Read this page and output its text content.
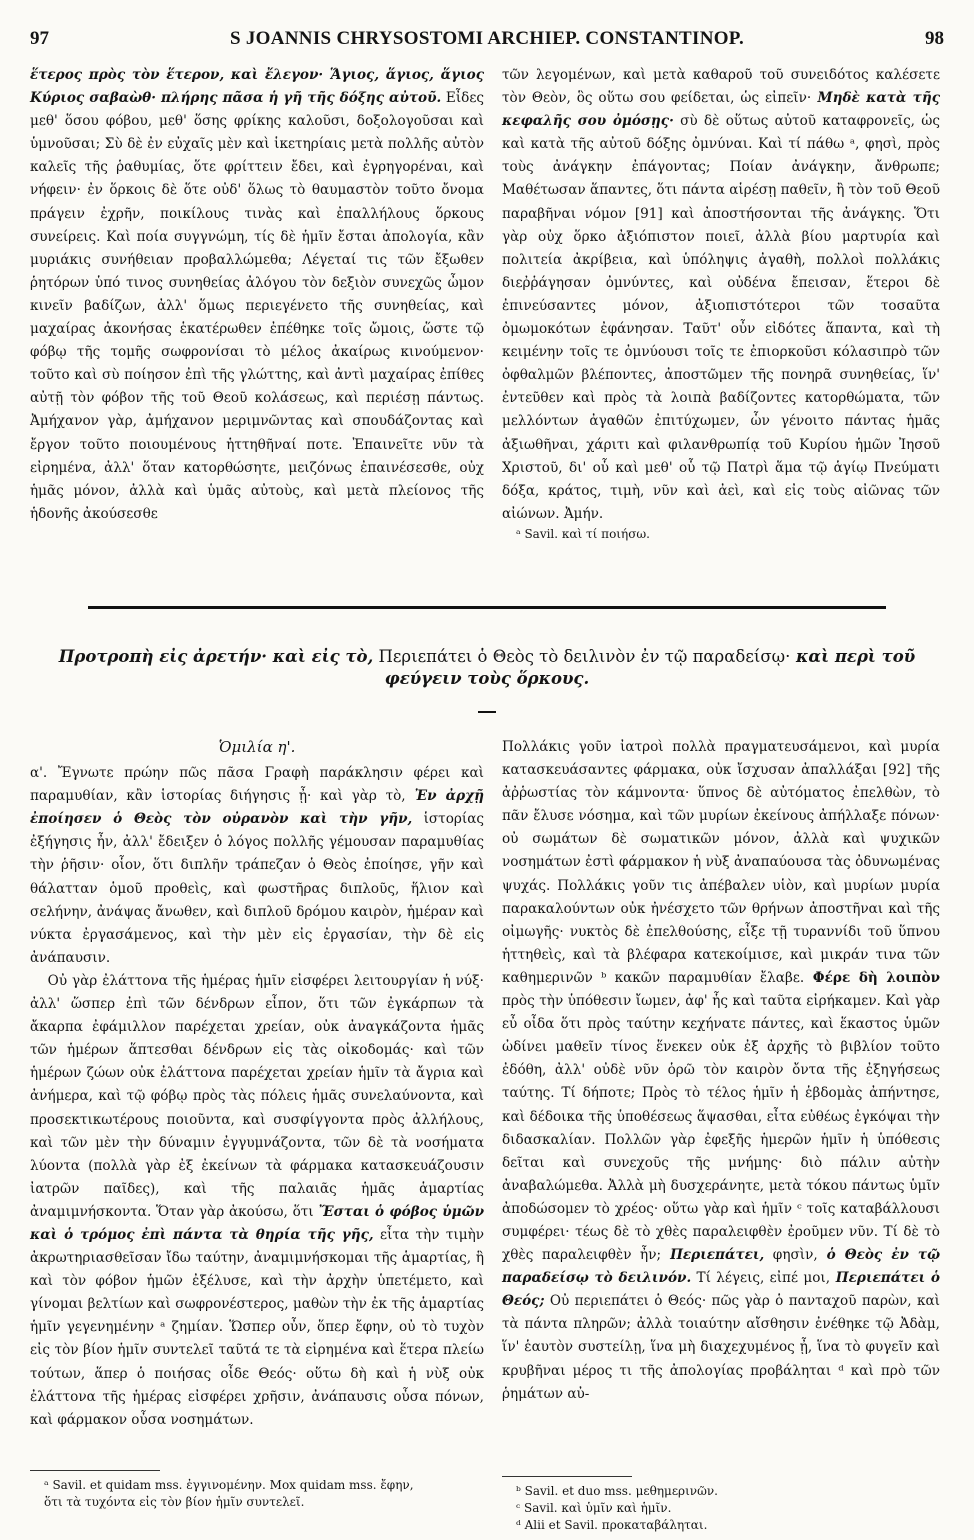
97	S JOANNIS CHRYSOSTOMI ARCHIEP. CONSTANTINOP.	98

ἕτερος πρὸς τὸν ἕτερον, καὶ ἔλεγον· Ἅγιος, ἅγιος, ἅγιος Κύριος σαβαὼθ· πλήρης πᾶσα ἡ γῆ τῆς δόξης αὐτοῦ. Εἶδες μεθ' ὅσου φόβου, μεθ' ὅσης φρίκης καλοῦσι, δοξολογοῦσαι καὶ ὑμνοῦσαι; Σὺ δὲ ἐν εὐχαῖς μὲν καὶ ἱκετηρίαις μετὰ πολλῆς αὐτὸν καλεῖς τῆς ῥαθυμίας, ὅτε φρίττειν ἔδει, καὶ ἐγρηγορέναι, καὶ νήφειν· ἐν ὅρκοις δὲ ὅτε οὐδ' ὅλως τὸ θαυμαστὸν τοῦτο ὄνομα πράγειν ἐχρῆν, ποικίλους τινὰς καὶ ἐπαλλήλους ὅρκους συνείρεις. Καὶ ποία συγγνώμη, τίς δὲ ἡμῖν ἔσται ἀπολογία, κἂν μυριάκις συνήθειαν προβαλλώμεθα; Λέγεταί τις τῶν ἔξωθεν ῥητόρων ὑπό τινος συνηθείας ἀλόγου τὸν δεξιὸν συνεχῶς ὦμον κινεῖν βαδίζων, ἀλλ' ὅμως περιεγένετο τῆς συνηθείας, καὶ μαχαίρας ἀκονήσας ἑκατέρωθεν ἐπέθηκε τοῖς ὤμοις, ὥστε τῷ φόβῳ τῆς τομῆς σωφρονίσαι τὸ μέλος ἀκαίρως κινούμενον· τοῦτο καὶ σὺ ποίησον ἐπὶ τῆς γλώττης, καὶ ἀντὶ μαχαίρας ἐπίθες αὐτῇ τὸν φόβον τῆς τοῦ Θεοῦ κολάσεως, καὶ περιέσῃ πάντως. Ἀμήχανον γὰρ, ἀμήχανον μεριμνῶντας καὶ σπουδάζοντας καὶ ἔργον τοῦτο ποιουμένους ἡττηθῆναί ποτε. Ἐπαινεῖτε νῦν τὰ εἰρημένα, ἀλλ' ὅταν κατορθώσητε, μειζόνως ἐπαινέσεσθε, οὐχ ἡμᾶς μόνον, ἀλλὰ καὶ ὑμᾶς αὐτοὺς, καὶ μετὰ πλείονος τῆς ἡδονῆς ἀκούσεσθε

τῶν λεγομένων, καὶ μετὰ καθαροῦ τοῦ συνειδότος καλέσετε τὸν Θεὸν, ὃς οὕτω σου φείδεται, ὡς εἰπεῖν· Μηδὲ κατὰ τῆς κεφαλῆς σου ὀμόσῃς· σὺ δὲ οὕτως αὐτοῦ καταφρονεῖς, ὡς καὶ κατὰ τῆς αὐτοῦ δόξης ὀμνύναι. Καὶ τί πάθω ᵃ, φησὶ, πρὸς τοὺς ἀνάγκην ἐπάγοντας; Ποίαν ἀνάγκην, ἄνθρωπε; Μαθέτωσαν ἅπαντες, ὅτι πάντα αἱρέσῃ παθεῖν, ἢ τὸν τοῦ Θεοῦ παραβῆναι νόμον [91] καὶ ἀποστήσονται τῆς ἀνάγκης. Ὅτι γὰρ οὐχ ὅρκο ἀξιόπιστον ποιεῖ, ἀλλὰ βίου μαρτυρία καὶ πολιτεία ἀκρίβεια, καὶ ὑπόληψις ἀγαθὴ, πολλοὶ πολλάκις διεῤῥάγησαν ὀμνύντες, καὶ οὐδένα ἔπεισαν, ἕτεροι δὲ ἐπινεύσαντες μόνον, ἀξιοπιστότεροι τῶν τοσαῦτα ὀμωμοκότων ἐφάνησαν. Ταῦτ' οὖν εἰδότες ἅπαντα, καὶ τὴ κειμένην τοῖς τε ὀμνύουσι τοῖς τε ἐπιορκοῦσι κόλασιπρὸ τῶν ὀφθαλμῶν βλέποντες, ἀποστῶμεν τῆς πονηρᾶ συνηθείας, ἵν' ἐντεῦθεν καὶ πρὸς τὰ λοιπὰ βαδίζοντες κατορθώματα, τῶν μελλόντων ἀγαθῶν ἐπιτύχωμεν, ὧν γένοιτο πάντας ἡμᾶς ἀξιωθῆναι, χάριτι καὶ φιλανθρωπίᾳ τοῦ Κυρίου ἡμῶν Ἰησοῦ Χριστοῦ, δι' οὗ καὶ μεθ' οὗ τῷ Πατρὶ ἅμα τῷ ἁγίῳ Πνεύματι δόξα, κράτος, τιμὴ, νῦν καὶ ἀεὶ, καὶ εἰς τοὺς αἰῶνας τῶν αἰώνων. Ἀμήν.

ᵃ Savil. καὶ τί ποιήσω.

Προτροπὴ εἰς ἀρετήν· καὶ εἰς τὸ, Περιεπάτει ὁ Θεὸς τὸ δειλινὸν ἐν τῷ παραδείσῳ· καὶ περὶ τοῦ φεύγειν τοὺς ὅρκους.
Ὁμιλία η'.

α'. Ἔγνωτε πρώην πῶς πᾶσα Γραφὴ παράκλησιν φέρει καὶ παραμυθίαν, κἂν ἱστορίας διήγησις ᾖ· καὶ γὰρ τὸ, Ἐν ἀρχῇ ἐποίησεν ὁ Θεὸς τὸν οὐρανὸν καὶ τὴν γῆν, ἱστορίας ἐξήγησις ἦν, ἀλλ' ἔδειξεν ὁ λόγος πολλῆς γέμουσαν παραμυθίας τὴν ῥῆσιν· οἷον, ὅτι διπλῆν τράπεζαν ὁ Θεὸς ἐποίησε, γῆν καὶ θάλατταν ὁμοῦ προθεὶς, καὶ φωστῆρας διπλοῦς, ἥλιον καὶ σελήνην, ἀνάψας ἄνωθεν, καὶ διπλοῦ δρόμου καιρὸν, ἡμέραν καὶ νύκτα ἐργασάμενος, καὶ τὴν μὲν εἰς ἐργασίαν, τὴν δὲ εἰς ἀνάπαυσιν.

Οὐ γὰρ ἐλάττονα τῆς ἡμέρας ἡμῖν εἰσφέρει λειτουργίαν ἡ νύξ· ἀλλ' ὥσπερ ἐπὶ τῶν δένδρων εἶπον, ὅτι τῶν ἐγκάρπων τὰ ἄκαρπα ἐφάμιλλον παρέχεται χρείαν, οὐκ ἀναγκάζοντα ἡμᾶς τῶν ἡμέρων ἅπτεσθαι δένδρων εἰς τὰς οἰκοδομάς· καὶ τῶν ἡμέρων ζώων οὐκ ἐλάττονα παρέχεται χρείαν ἡμῖν τὰ ἄγρια καὶ ἀνήμερα, καὶ τῷ φόβῳ πρὸς τὰς πόλεις ἡμᾶς συνελαύνοντα, καὶ προσεκτικωτέρους ποιοῦντα, καὶ συσφίγγοντα πρὸς ἀλλήλους, καὶ τῶν μὲν τὴν δύναμιν ἐγγυμνάζοντα, τῶν δὲ τὰ νοσήματα λύοντα (πολλὰ γὰρ ἐξ ἐκείνων τὰ φάρμακα κατασκευάζουσιν ἰατρῶν παῖδες), καὶ τῆς παλαιᾶς ἡμᾶς ἁμαρτίας ἀναμιμνήσκοντα. Ὅταν γὰρ ἀκούσω, ὅτι Ἔσται ὁ φόβος ὑμῶν καὶ ὁ τρόμος ἐπὶ πάντα τὰ θηρία τῆς γῆς, εἶτα τὴν τιμὴν ἀκρωτηριασθεῖσαν ἴδω ταύτην, ἀναμιμνήσκομαι τῆς ἁμαρτίας, ἣ καὶ τὸν φόβον ἡμῶν ἐξέλυσε, καὶ τὴν ἀρχὴν ὑπετέμετο, καὶ γίνομαι βελτίων καὶ σωφρονέστερος, μαθὼν τὴν ἐκ τῆς ἁμαρτίας ἡμῖν γεγενημένην ᵃ ζημίαν. Ὥσπερ οὖν, ὅπερ ἔφην, οὐ τὸ τυχὸν εἰς τὸν βίον ἡμῖν συντελεῖ ταῦτά τε τὰ εἰρημένα καὶ ἕτερα πλείω τούτων, ἅπερ ὁ ποιήσας οἶδε Θεός· οὕτω δὴ καὶ ἡ νὺξ οὐκ ἐλάττονα τῆς ἡμέρας εἰσφέρει χρῆσιν, ἀνάπαυσις οὖσα πόνων, καὶ φάρμακον οὖσα νοσημάτων.

Πολλάκις γοῦν ἰατροὶ πολλὰ πραγματευσάμενοι, καὶ μυρία κατασκευάσαντες φάρμακα, οὐκ ἴσχυσαν ἀπαλλάξαι [92] τῆς ἀῤῥωστίας τὸν κάμνοντα· ὕπνος δὲ αὐτόματος ἐπελθὼν, τὸ πᾶν ἔλυσε νόσημα, καὶ τῶν μυρίων ἐκείνους ἀπήλλαξε πόνων· οὐ σωμάτων δὲ σωματικῶν μόνον, ἀλλὰ καὶ ψυχικῶν νοσημάτων ἐστὶ φάρμακον ἡ νὺξ ἀναπαύουσα τὰς ὀδυνωμένας ψυχάς. Πολλάκις γοῦν τις ἀπέβαλεν υἱὸν, καὶ μυρίων μυρία παρακαλούντων οὐκ ἠνέσχετο τῶν θρήνων ἀποστῆναι καὶ τῆς οἰμωγῆς· νυκτὸς δὲ ἐπελθούσης, εἶξε τῇ τυραννίδι τοῦ ὕπνου ἡττηθεὶς, καὶ τὰ βλέφαρα κατεκοίμισε, καὶ μικράν τινα τῶν καθημερινῶν ᵇ κακῶν παραμυθίαν ἔλαβε. Φέρε δὴ λοιπὸν πρὸς τὴν ὑπόθεσιν ἴωμεν, ἀφ' ἧς καὶ ταῦτα εἰρήκαμεν. Καὶ γὰρ εὖ οἶδα ὅτι πρὸς ταύτην κεχήνατε πάντες, καὶ ἕκαστος ὑμῶν ὠδίνει μαθεῖν τίνος ἕνεκεν οὐκ ἐξ ἀρχῆς τὸ βιβλίον τοῦτο ἐδόθη, ἀλλ' οὐδὲ νῦν ὁρῶ τὸν καιρὸν ὄντα τῆς ἐξηγήσεως ταύτης. Τί δήποτε; Πρὸς τὸ τέλος ἡμῖν ἡ ἑβδομὰς ἀπήντησε, καὶ δέδοικα τῆς ὑποθέσεως ἅψασθαι, εἶτα εὐθέως ἐγκόψαι τὴν διδασκαλίαν. Πολλῶν γὰρ ἐφεξῆς ἡμερῶν ἡμῖν ἡ ὑπόθεσις δεῖται καὶ συνεχοῦς τῆς μνήμης· διὸ πάλιν αὐτὴν ἀναβαλώμεθα. Ἀλλὰ μὴ δυσχεράνητε, μετὰ τόκου πάντως ὑμῖν ἀποδώσομεν τὸ χρέος· οὕτω γὰρ καὶ ἡμῖν ᶜ τοῖς καταβάλλουσι συμφέρει· τέως δὲ τὸ χθὲς παραλειφθὲν ἐροῦμεν νῦν. Τί δὲ τὸ χθὲς παραλειφθὲν ἦν; Περιεπάτει, φησὶν, ὁ Θεὸς ἐν τῷ παραδείσῳ τὸ δειλινόν. Τί λέγεις, εἰπέ μοι, Περιεπάτει ὁ Θεός; Οὐ περιεπάτει ὁ Θεός· πῶς γὰρ ὁ πανταχοῦ παρὼν, καὶ τὰ πάντα πληρῶν; ἀλλὰ τοιαύτην αἴσθησιν ἐνέθηκε τῷ Ἀδὰμ, ἵν' ἑαυτὸν συστείλῃ, ἵνα μὴ διαχεχυμένος ᾖ, ἵνα τὸ φυγεῖν καὶ κρυβῆναι μέρος τι τῆς ἀπολογίας προβάληται ᵈ καὶ πρὸ τῶν ῥημάτων αὐ-

ᵃ Savil. et quidam mss. ἐγγινομένην. Mox quidam mss. ἔφην,

ὅτι τὰ τυχόντα εἰς τὸν βίον ἡμῖν συντελεῖ.

ᵇ Savil. et duo mss. μεθημερινῶν.

ᶜ Savil. καὶ ὑμῖν καὶ ἡμῖν.

ᵈ Alii et Savil. προκαταβάληται.
